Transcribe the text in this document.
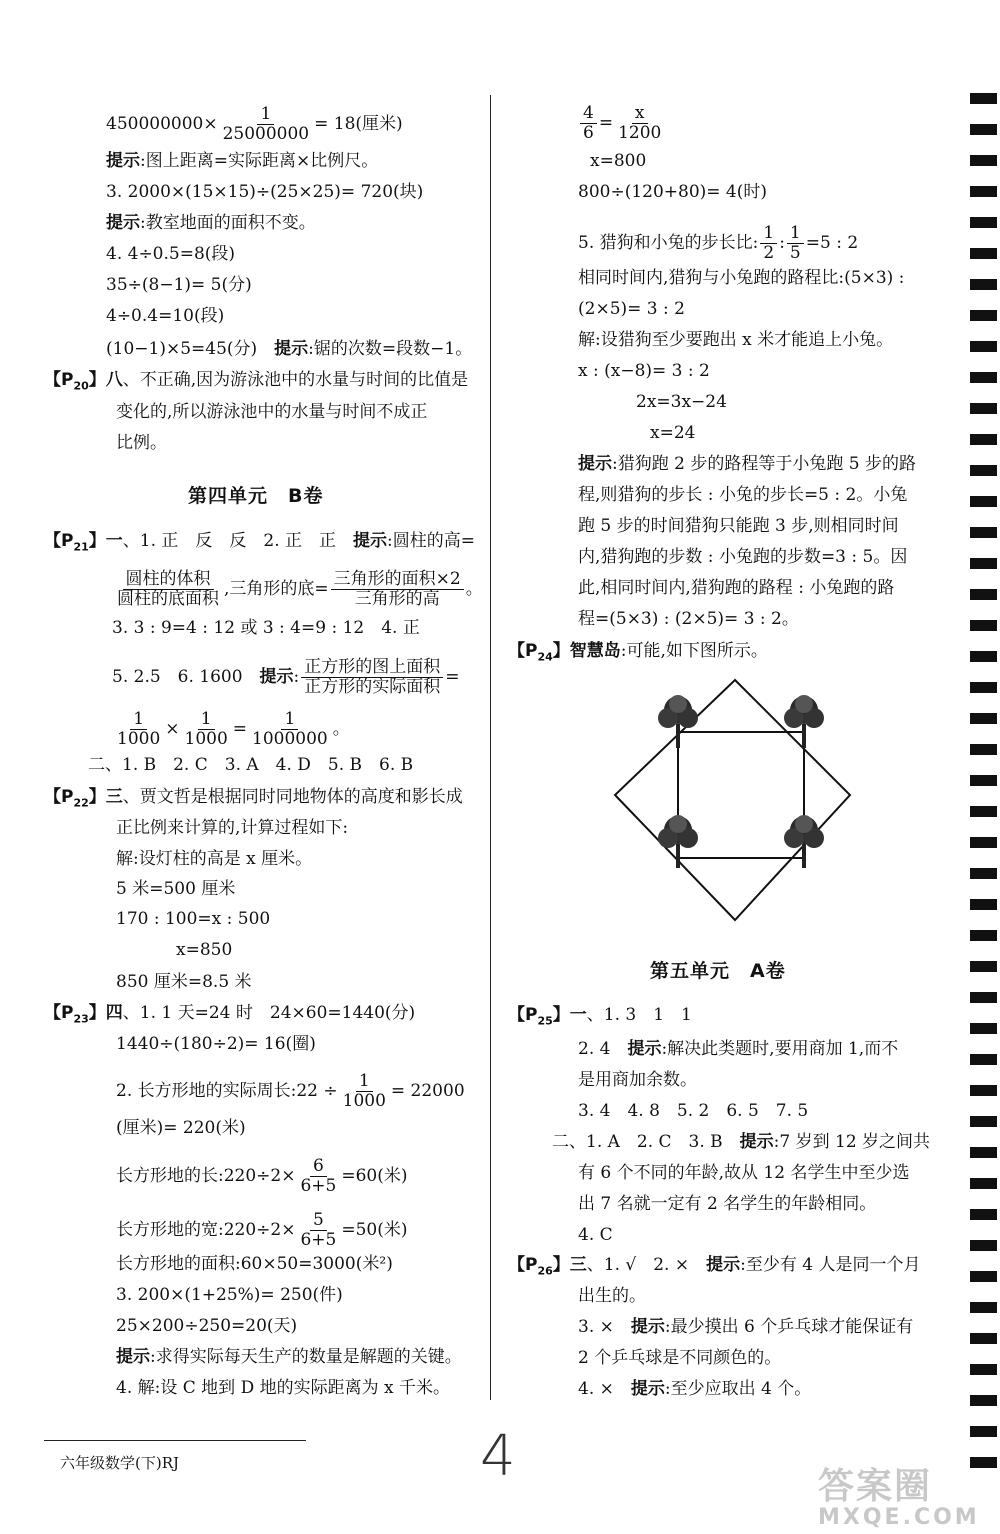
$450000000\times \frac{1}{25000000} = 18$(厘米)
提示:图上距离=实际距离×比例尺。
3. 2000×(15×15)÷(25×25)= 720(块)
提示:教室地面的面积不变。
4. 4÷0.5=8(段)
35÷(8−1)= 5(分)
4÷0.4=10(段)
(10−1)×5=45(分)　 提示:锯的次数=段数−1。
【$P_{20}$】八、不正确,因为游泳池中的水量与时间的比值是
变化的,所以游泳池中的水量与时间不成正
比例。
第四单元　B卷
【$P_{21}$】一、1. 正　反　反　2. 正　正　 提示:圆柱的高=
$\frac{\text{圆柱的体积}}{\text{圆柱的底面积}}$ ,三角形的底= $\frac{\text{三角形的面积×2}}{\text{三角形的高}}$ 。
3. 3 : 9=4 : 12 或 3 : 4=9 : 12　4. 正
5. 2.5　6. 1600　 提示: $\frac{\text{正方形的图上面积}}{\text{正方形的实际面积}}$ =
$\frac{1}{1000} \times \frac{1}{1000} = \frac{1}{1000000}$ 。
二、1. B　2. C　3. A　4. D　5. B　6. B
【$P_{22}$】三、贾文哲是根据同时同地物体的高度和影长成
正比例来计算的,计算过程如下:
解:设灯柱的高是 x 厘米。
5 米=500 厘米
170 : 100=x : 500
x=850
850 厘米=8.5 米
【$P_{23}$】四、1. 1 天=24 时　24×60=1440(分)
1440÷(180÷2)= 16(圈)
2. 长方形地的实际周长:22 ÷ $\frac{1}{1000} = 22000$
(厘米)= 220(米)
长方形地的长:220÷2× $\frac{6}{6+5} =60$(米)
长方形地的宽:220÷2× $\frac{5}{6+5} =50$(米)
长方形地的面积:60×50=3000(米²)
3. 200×(1+25%)= 250(件)
25×200÷250=20(天)
提示:求得实际每天生产的数量是解题的关键。
4. 解:设 C 地到 D 地的实际距离为 x 千米。
$\frac{4}{6} = \frac{x}{1200}$
x=800
800÷(120+80)= 4(时)
5. 猎狗和小兔的步长比: $\frac{1}{2}$ : $\frac{1}{5} =5$ : 2
相同时间内,猎狗与小兔跑的路程比:(5×3) :
(2×5)= 3 : 2
解:设猎狗至少要跑出 x 米才能追上小兔。
x : (x−8)= 3 : 2
2x=3x−24
x=24
提示:猎狗跑 2 步的路程等于小兔跑 5 步的路
程,则猎狗的步长 : 小兔的步长=5 : 2。小兔
跑 5 步的时间猎狗只能跑 3 步,则相同时间
内,猎狗跑的步数 : 小兔跑的步数=3 : 5。因
此,相同时间内,猎狗跑的路程 : 小兔跑的路
程=(5×3) : (2×5)= 3 : 2。
【$P_{24}$】智慧岛:可能,如下图所示。
第五单元　A卷
【$P_{25}$】一、1. 3　1　1
2. 4　 提示:解决此类题时,要用商加 1,而不
是用商加余数。
3. 4　4. 8　5. 2　6. 5　7. 5
二、1. A　2. C　3. B　 提示:7 岁到 12 岁之间共
有 6 个不同的年龄,故从 12 名学生中至少选
出 7 名就一定有 2 名学生的年龄相同。
4. C
【$P_{26}$】三、1. √　2. ×　 提示:至少有 4 人是同一个月
出生的。
3. ×　 提示:最少摸出 6 个乒乓球才能保证有
2 个乒乓球是不同颜色的。
4. ×　 提示:至少应取出 4 个。
六年级数学(下)RJ	4	答案圈
MXQE.COM
